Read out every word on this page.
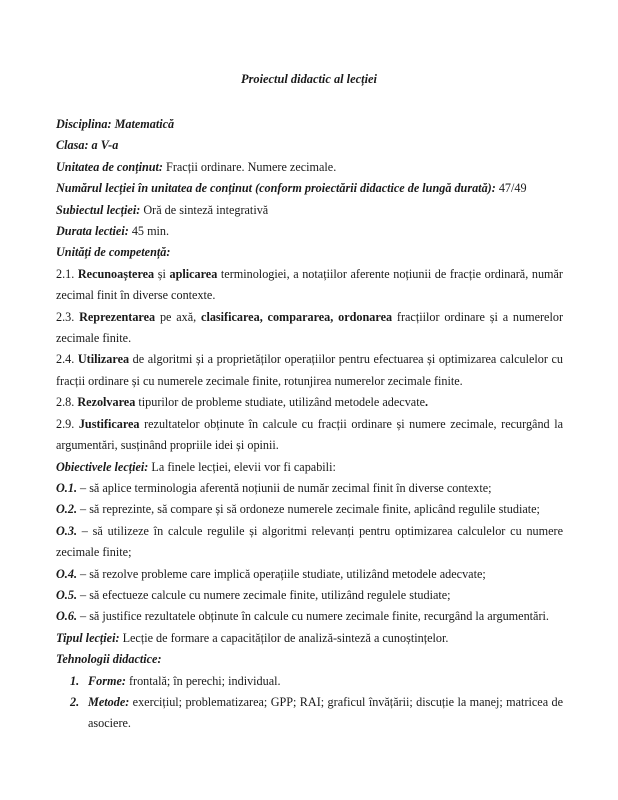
Proiectul didactic al lecției

Disciplina: Matematică

Clasa: a V-a

Unitatea de conținut: Fracții ordinare. Numere zecimale.

Numărul lecției în unitatea de conținut (conform proiectării didactice de lungă durată): 47/49

Subiectul lecției: Oră de sinteză integrativă

Durata lectiei: 45 min.

Unități de competență:

2.1. Recunoașterea și aplicarea terminologiei, a notațiilor aferente noțiunii de fracție ordinară, număr zecimal finit în diverse contexte.

2.3. Reprezentarea pe axă, clasificarea, compararea, ordonarea fracțiilor ordinare și a numerelor zecimale finite.

2.4. Utilizarea de algoritmi și a proprietăților operațiilor pentru efectuarea și optimizarea calculelor cu fracții ordinare și cu numerele zecimale finite, rotunjirea numerelor zecimale finite.

2.8. Rezolvarea tipurilor de probleme studiate, utilizând metodele adecvate.

2.9. Justificarea rezultatelor obținute în calcule cu fracții ordinare și numere zecimale, recurgând la argumentări, susținând propriile idei și opinii.

Obiectivele lecției: La finele lecției, elevii vor fi capabili:

O.1. – să aplice terminologia aferentă noțiunii de număr zecimal finit în diverse contexte;

O.2. – să reprezinte, să compare și să ordoneze numerele zecimale finite, aplicând regulile studiate;

O.3. – să utilizeze în calcule regulile și algoritmi relevanți pentru optimizarea calculelor cu numere zecimale finite;

O.4. – să rezolve probleme care implică operațiile studiate, utilizând metodele adecvate;

O.5. – să efectueze calcule cu numere zecimale finite, utilizând regulele studiate;

O.6. – să justifice rezultatele obținute în calcule cu numere zecimale finite, recurgând la argumentări.

Tipul lecției: Lecție de formare a capacităților de analiză-sinteză a cunoștințelor.

Tehnologii didactice:

1. Forme: frontală; în perechi; individual.
2. Metode: exercițiul; problematizarea; GPP; RAI; graficul învățării; discuție la manej; matricea de asociere.
